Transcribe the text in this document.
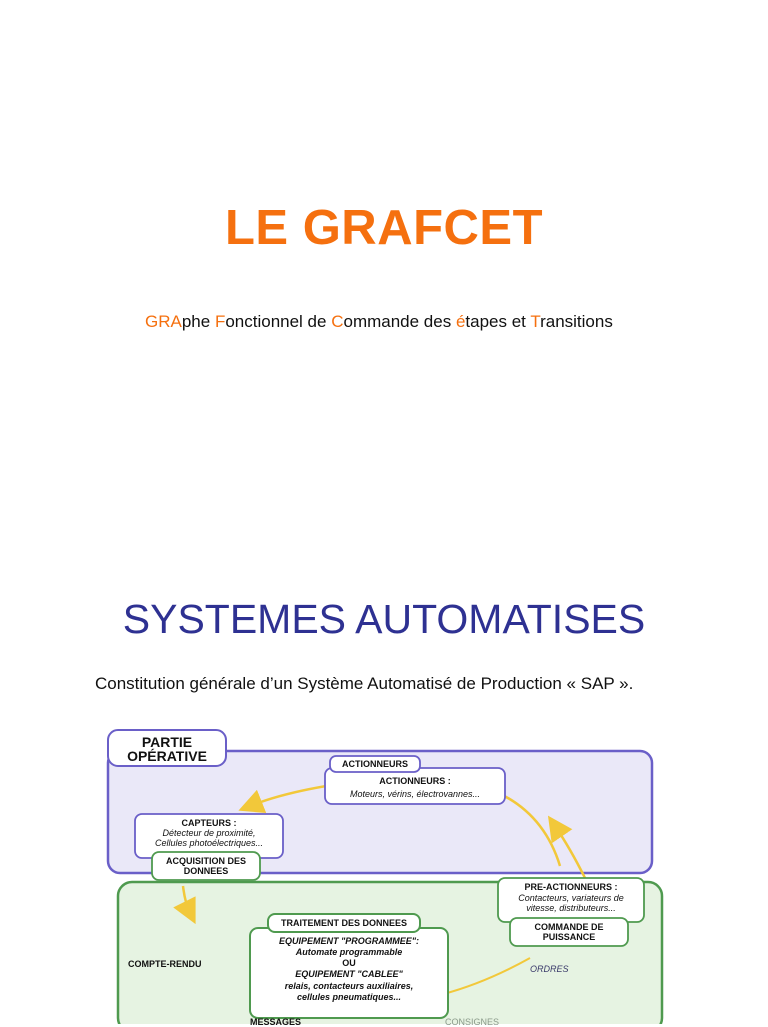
LE GRAFCET
GRAphe Fonctionnel de Commande des étapes et Transitions
SYSTEMES AUTOMATISES
Constitution générale d’un Système Automatisé de Production « SAP ».
PARTIE
OPÉRATIVE	ACTIONNEURS
ACTIONNEURS :
Moteurs, vérins, électrovannes...
CAPTEURS :
Détecteur de proximité,
Cellules photoélectriques...
ACQUISITION DES
DONNEES
PRE-ACTIONNEURS :
Contacteurs, variateurs de
vitesse, distributeurs...
COMMANDE DE
PUISSANCE
TRAITEMENT DES DONNEES
EQUIPEMENT "PROGRAMMEE":
Automate programmable
OU
EQUIPEMENT "CABLEE"
relais, contacteurs auxiliaires,
cellules pneumatiques...
COMPTE-RENDU	ORDRES
MESSAGES	CONSIGNES
